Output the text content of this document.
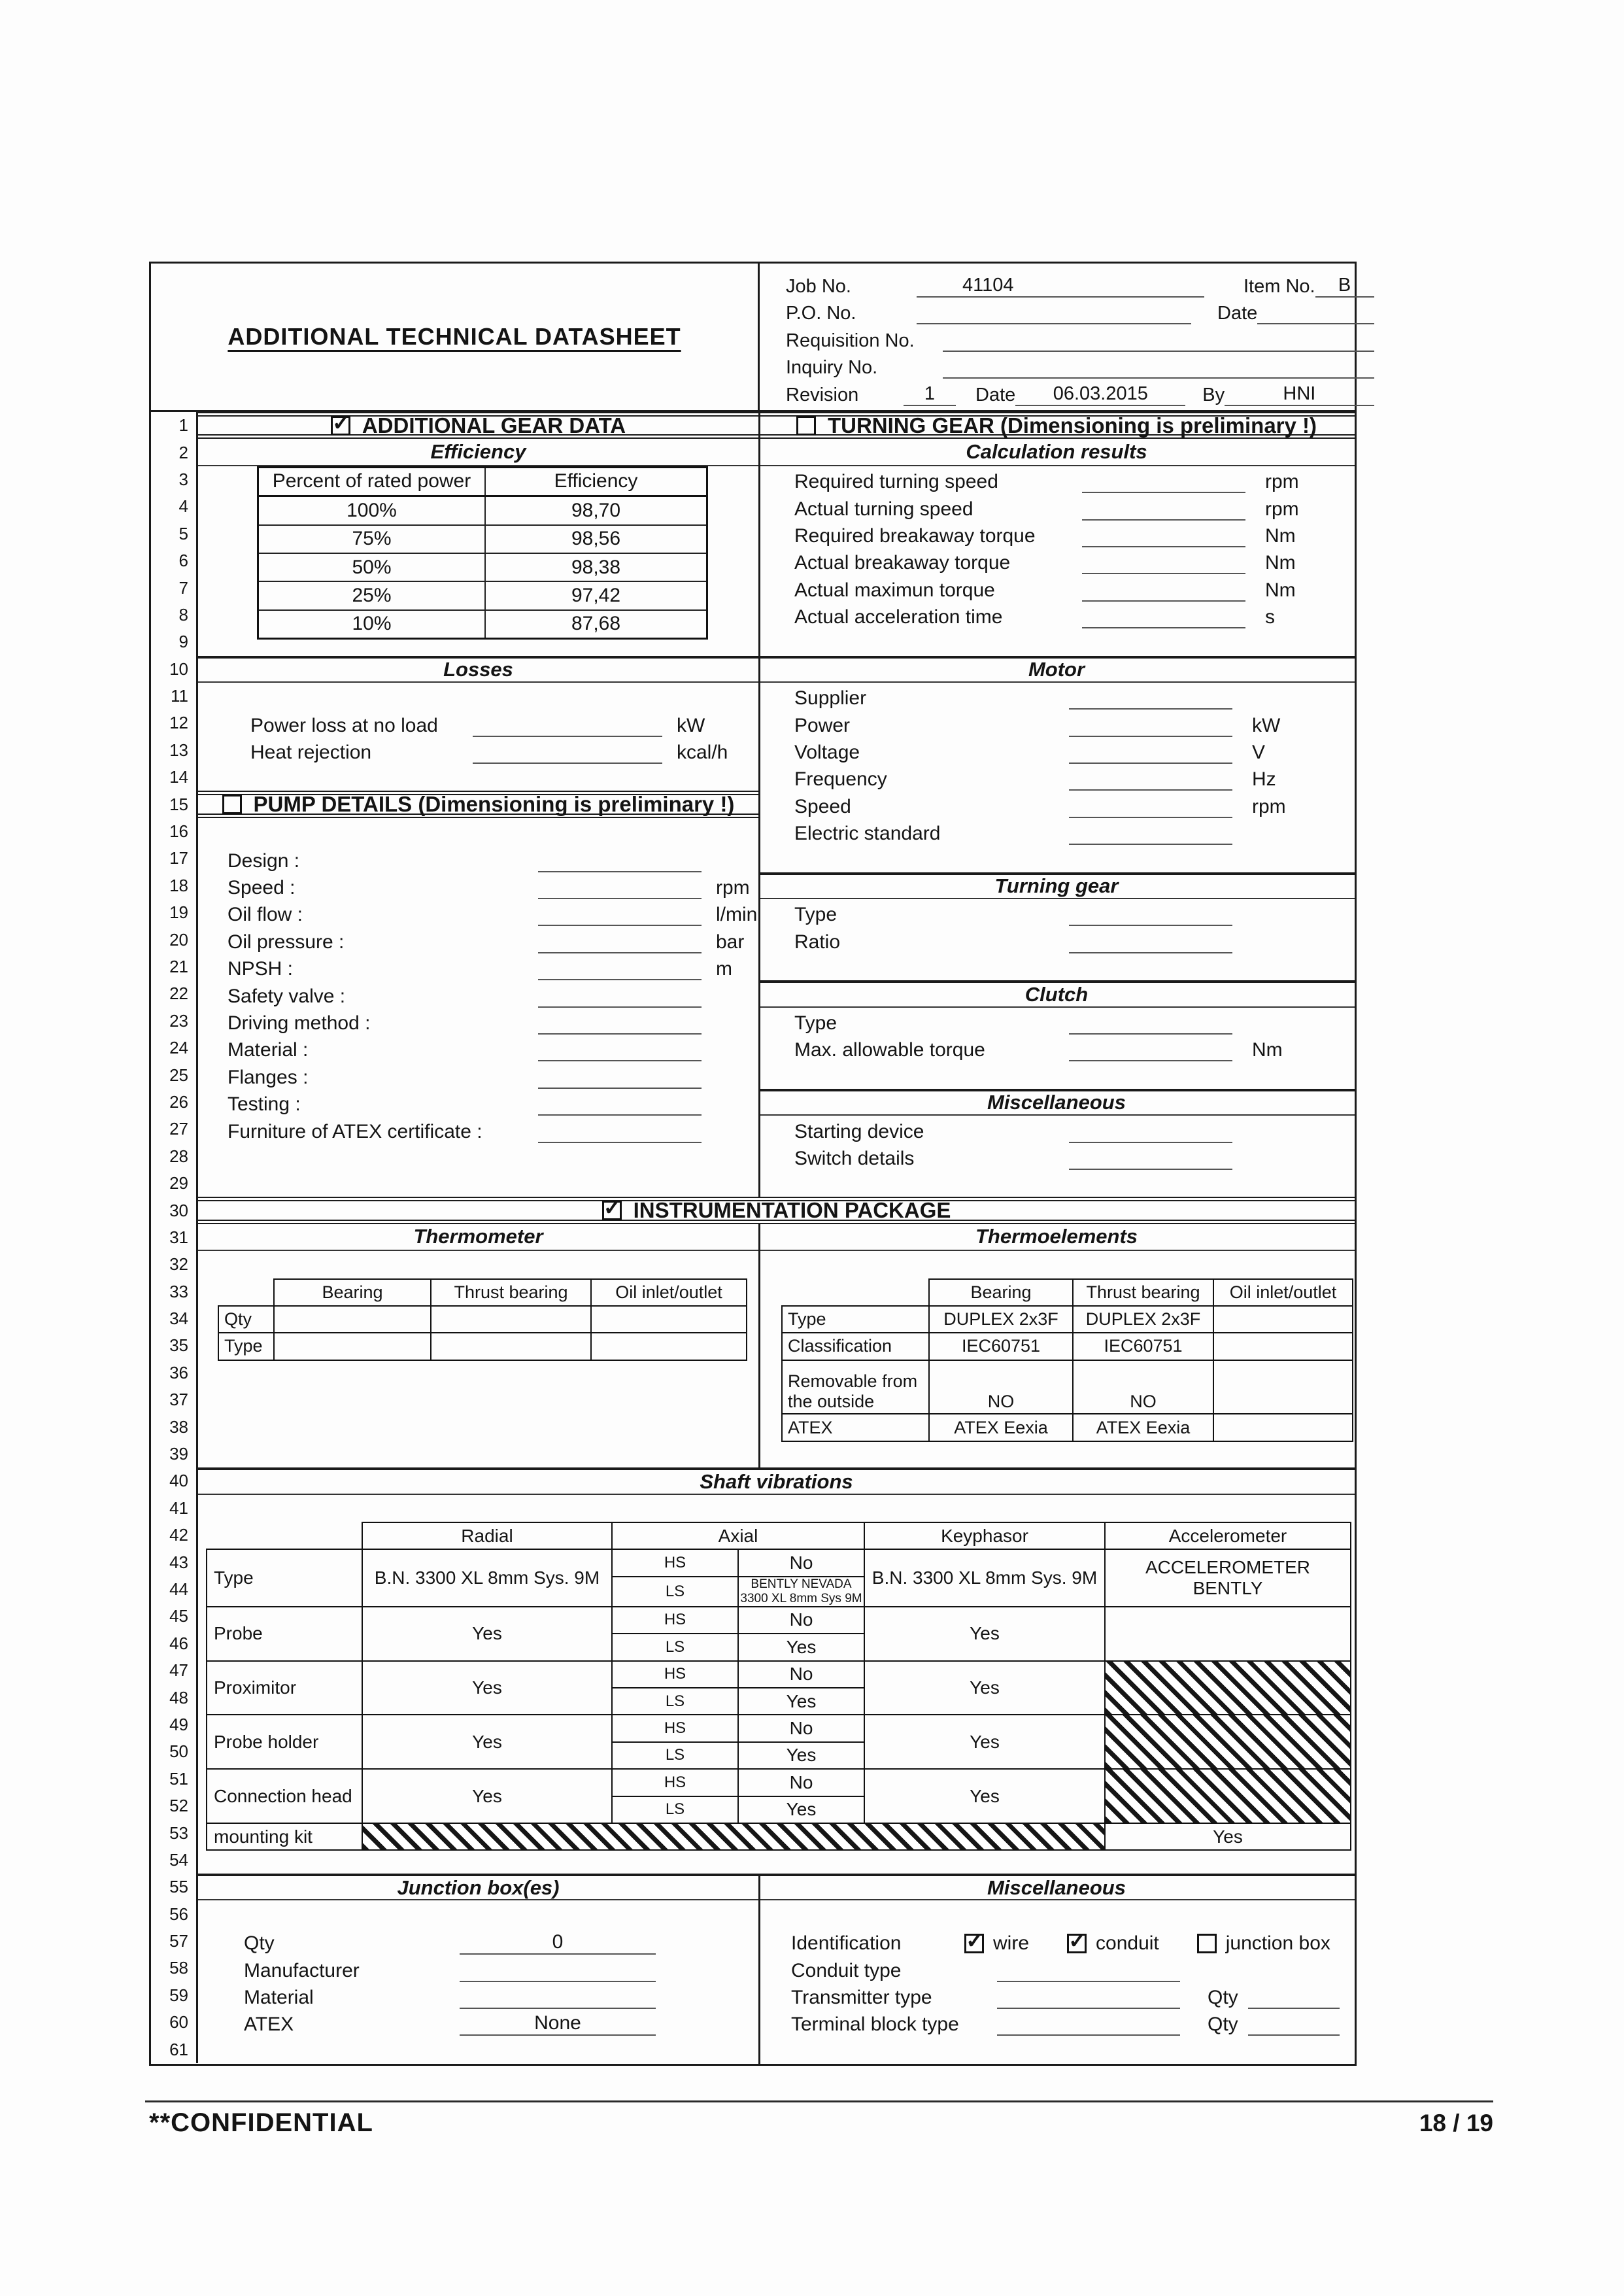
ADDITIONAL TECHNICAL DATASHEET
Job No.	41104	Item No. B
P.O. No.	Date
Requisition No.
Inquiry No.
Revision	1 Date 06.03.2015	By	HNI
✓
ADDITIONAL GEAR DATA	TURNING GEAR (Dimensioning is preliminary !)
Efficiency	Calculation results
Percent of rated power	Efficiency
100%	98,70
75%	98,56
50%	98,38
25%	97,42
10%	87,68
Required turning speed	rpm
Actual turning speed	rpm
Required breakaway torque	Nm
Actual breakaway torque	Nm
Actual maximun torque	Nm
Actual acceleration time	s
Losses	Motor
Power loss at no load	kW
Heat rejection	kcal/h
Supplier
Power	kW
Voltage	V
Frequency	Hz
Speed	rpm
Electric standard
PUMP DETAILS (Dimensioning is preliminary !)
Design :
Speed :	rpm
Oil flow :	l/min
Oil pressure :	bar
NPSH :	m
Safety valve :
Driving method :
Material :
Flanges :
Testing :
Furniture of ATEX certificate :
Turning gear
Type
Ratio
Clutch
Type
Max. allowable torque	Nm
Miscellaneous
Starting device
Switch details
✓
INSTRUMENTATION PACKAGE
Thermometer	Thermoelements
	Bearing	Thrust bearing	Oil inlet/outlet
Qty			
Type			
	Bearing	Thrust bearing	Oil inlet/outlet
Type	DUPLEX 2x3F	DUPLEX 2x3F	
Classification	IEC60751	IEC60751	
Removable from the outside	NO	NO	
ATEX	ATEX Eexia	ATEX Eexia	
Shaft vibrations
	Radial	Axial		Keyphasor	Accelerometer
Type	B.N. 3300 XL 8mm Sys. 9M	HS	No	B.N. 3300 XL 8mm Sys. 9M	ACCELEROMETER BENTLY
		LS	BENTLY NEVADA 3300 XL 8mm Sys 9M		
Probe	Yes	HS	No	Yes	
		LS	Yes		
Proximitor	Yes	HS	No	Yes	
		LS	Yes		
Probe holder	Yes	HS	No	Yes	
		LS	Yes		
Connection head	Yes	HS	No	Yes	
		LS	Yes		
mounting kit					Yes
Junction box(es)	Miscellaneous
Qty	0
Manufacturer
Material
ATEX	None
Identification ✓	wire ✓	conduit	junction box
Conduit type
Transmitter type	Qty
Terminal block type	Qty
1
2
3
4
5
6
7
8
9
10
11
12
13
14
15
16
17
18
19
20
21
22
23
24
25
26
27
28
29
30
31
32
33
34
35
36
37
38
39
40
41
42
43
44
45
46
47
48
49
50
51
52
53
54
55
56
57
58
59
60
61
**CONFIDENTIAL	18 / 19
